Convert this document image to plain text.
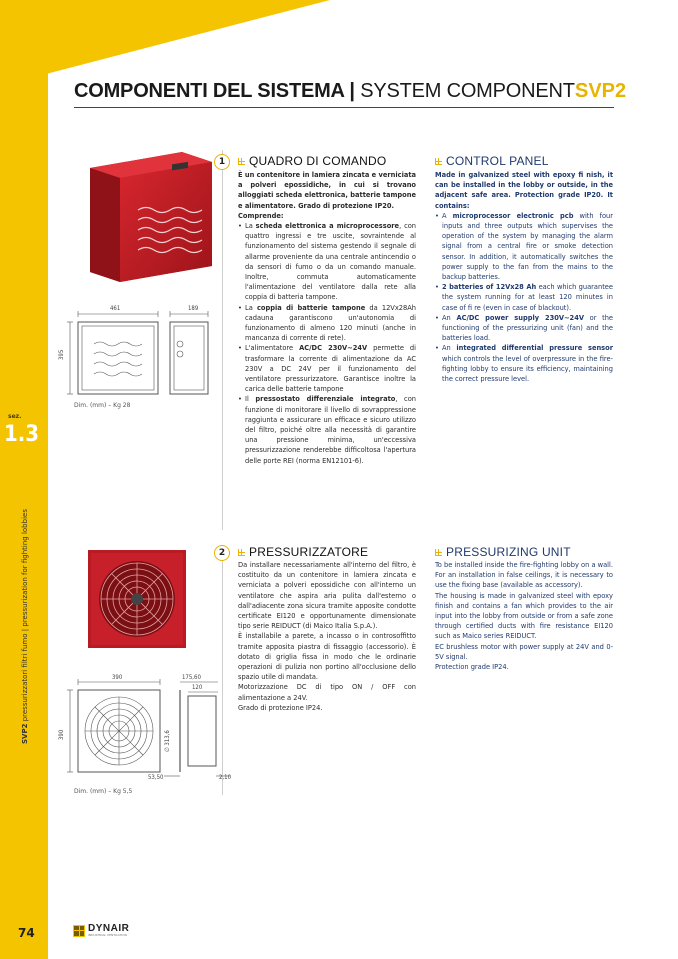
sez.
1.3
SVP2 pressurizzatori filtri fumo | pressurization for fighting lobbies
COMPONENTI DEL SISTEMA | SYSTEM COMPONENTS
SVP2
461	189
395
Dim. (mm) – Kg 28
1	QUADRO DI COMANDO	CONTROL PANEL

È un contenitore in lamiera zincata e verniciata a polveri epossidiche, in cui si trovano alloggiati scheda elettronica, batterie tampone e alimentatore. Grado di protezione IP20.

Comprende:

• La scheda elettronica a microprocessore, con quattro ingressi e tre uscite, sovraintende al funzionamento del sistema gestendo il segnale di allarme proveniente da una centrale antincendio o da sensori di fumo o da un comando manuale. Inoltre, commuta automaticamente l'alimentazione del ventilatore dalla rete alla coppia di batteria tampone.
• La coppia di batterie tampone da 12Vx28Ah cadauna garantiscono un'autonomia di funzionamento di almeno 120 minuti (anche in mancanza di corrente di rete).
• L'alimentatore AC/DC 230V~24V permette di trasformare la corrente di alimentazione da AC 230V a DC 24V per il funzionamento del ventilatore pressurizzatore. Garantisce inoltre la carica delle batterie tampone
• Il pressostato differenziale integrato, con funzione di monitorare il livello di sovrappressione raggiunta e assicurare un efficace e sicuro utilizzo del filtro, poiché oltre alla necessità di garantire una pressione minima, un'eccessiva pressurizzazione renderebbe difficoltosa l'apertura delle porte REI (norma EN12101-6).

Made in galvanized steel with epoxy fi nish, it can be installed in the lobby or outside, in the adjacent safe area. Protection grade IP20. It contains:

• A microprocessor electronic pcb with four inputs and three outputs which supervises the operation of the system by managing the alarm signal from a central fire or smoke detection sensor. In addition, it automatically switches the power supply to the fan from the mains to the backup batteries.
• 2 batteries of 12Vx28 Ah each which guarantee the system running for at least 120 minutes in case of fi re (even in case of blackout).
• An AC/DC power supply 230V~24V or the functioning of the pressurizing unit (fan) and the batteries load.
• An integrated differential pressure sensor which controls the level of overpressure in the fire-fighting lobby to ensure its efficiency, maintaining the correct pressure level.
390	175,60
120
390	∅ 313,6
53,50	2,10
Dim. (mm) – Kg 5,5
2	PRESSURIZZATORE	PRESSURIZING UNIT

Da installare necessariamente all'interno del filtro, è costituito da un contenitore in lamiera zincata e verniciata a polveri epossidiche con all'interno un ventilatore che aspira aria pulita dall'esterno o dall'adiacente zona sicura tramite apposite condotte certificate EI120 e opportunamente dimensionate tipo serie REIDUCT (di Maico Italia S.p.A.).

È installabile a parete, a incasso o in controsoffitto tramite apposita piastra di fissaggio (accessorio). È dotato di griglia fissa in modo che le ordinarie operazioni di pulizia non portino all'occlusione dello spazio utile di mandata.

Motorizzazione DC di tipo ON / OFF con alimentazione a 24V.

Grado di protezione IP24.

To be installed inside the fire-fighting lobby on a wall. For an installation in false ceilings, it is necessary to use the fixing base (available as accessory).

The housing is made in galvanized steel with epoxy finish and contains a fan which provides to the air input into the lobby from outside or from a safe zone through certified ducts with fire resistance EI120 such as Maico series REIDUCT.

EC brushless motor with power supply at 24V and 0-5V signal.

Protection grade IP24.

74	DYNAIR
INDUSTRIAL VENTILATION
